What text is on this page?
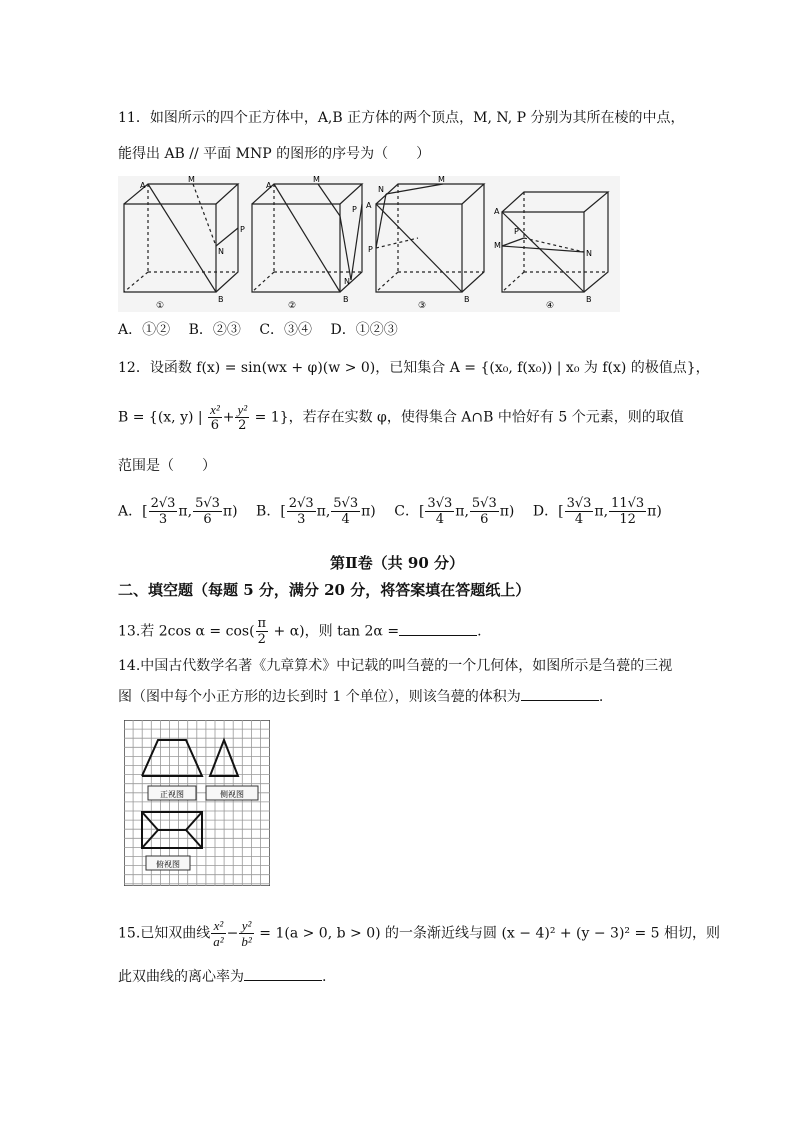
11．如图所示的四个正方体中，A,B 正方体的两个顶点，M, N, P 分别为其所在棱的中点，
能得出 AB // 平面 MNP 的图形的序号为（　　）
A
M
P
N
B
①
A
M
P
N
B
②
A
M
P
N
B
③
A
M
P
N
B
④
A．①② B．②③ C．③④ D．①②③
12．设函数 f(x) = sin(wx + φ)(w > 0)，已知集合 A = {(x₀, f(x₀)) | x₀ 为 f(x) 的极值点}，
B = {(x, y) | $\frac{\text{x²}}{6} + \frac{\text{y²}}{2} = 1$}，若存在实数 φ，使得集合 A∩B 中恰好有 5 个元素，则的取值
范围是（　　）
A．[ $\frac{2√3}{3} \pi$, $\frac{5√3}{6} \pi$) B．[ $\frac{2√3}{3} \pi$, $\frac{5√3}{4} \pi$) C．[ $\frac{3√3}{4} \pi$, $\frac{5√3}{6} \pi$) D．[ $\frac{3√3}{4} \pi$, $\frac{11√3}{12} \pi$)
第Ⅱ卷（共 90 分）
二、填空题（每题 5 分，满分 20 分，将答案填在答题纸上）
13.若 2cos $\alpha = \cos( \frac{\pi}{2} + \alpha)$，则 tan 2α =	.
14.中国古代数学名著《九章算术》中记载的叫刍甍的一个几何体，如图所示是刍甍的三视
图（图中每个小正方形的边长到时 1 个单位），则该刍甍的体积为	.
正视图	侧视图
俯视图
15.已知双曲线 $\frac{\text{x²}}{\text{a²}} - \frac{\text{y²}}{\text{b²}} = 1(a > 0$, b > 0) 的一条渐近线与圆 (x − 4)² + (y − 3)² = 5 相切，则
此双曲线的离心率为	.
